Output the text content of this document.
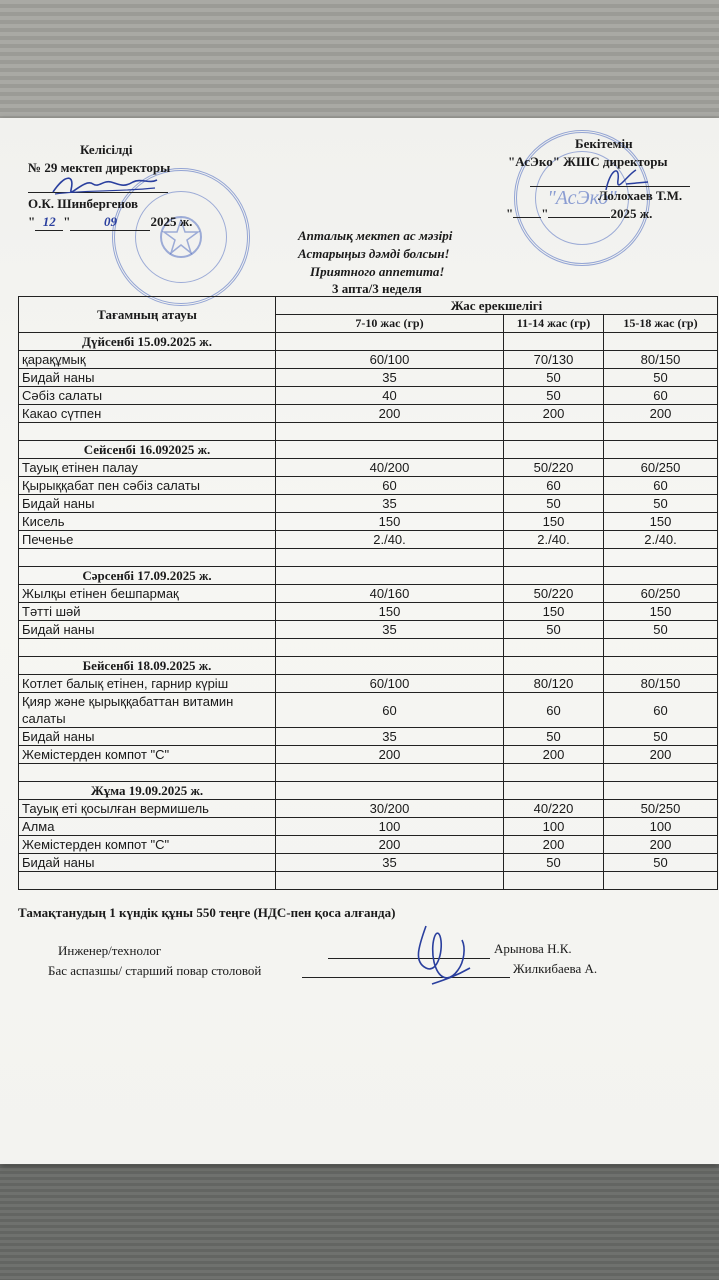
"АсЭко"
Келісілді
№ 29 мектеп директоры
О.К. Шинбергенов
" 12 "	09	2025 ж.
Бекітемін
"АсЭко" ЖШС директоры
Лолохаев Т.М.
" "	2025 ж.
Апталық мектеп ас мәзірі
Астарыңыз дәмді болсын!
Приятного аппетита!
3 апта/3 неделя
Тағамның атауы	Жас ерекшелігі		
	7-10 жас (гр)	11-14 жас (гр)	15-18 жас (гр)
Дүйсенбі 15.09.2025 ж.			
қарақұмық	60/100	70/130	80/150
Бидай наны	35	50	50
Сәбіз салаты	40	50	60
Какао сүтпен	200	200	200

Сейсенбі 16.092025 ж.			
Тауық етінен палау	40/200	50/220	60/250
Қырыққабат пен сәбіз салаты	60	60	60
Бидай наны	35	50	50
Кисель	150	150	150
Печенье	2./40.	2./40.	2./40.

Сәрсенбі 17.09.2025 ж.			
Жылқы етінен бешпармақ	40/160	50/220	60/250
Тәтті шәй	150	150	150
Бидай наны	35	50	50

Бейсенбі 18.09.2025 ж.			
Котлет балық етінен, гарнир күріш	60/100	80/120	80/150
Қияр және қырыққабаттан витамин салаты	60	60	60
Бидай наны	35	50	50
Жемістерден компот "С"	200	200	200

Жұма 19.09.2025 ж.			
Тауық еті қосылған вермишель	30/200	40/220	50/250
Алма	100	100	100
Жемістерден компот "С"	200	200	200
Бидай наны	35	50	50

Тамақтанудың 1 күндік құны 550 теңге (НДС-пен қоса алғанда)
Инженер/технолог	Арынова Н.К.
Бас аспазшы/ старший повар столовой	Жилкибаева А.
